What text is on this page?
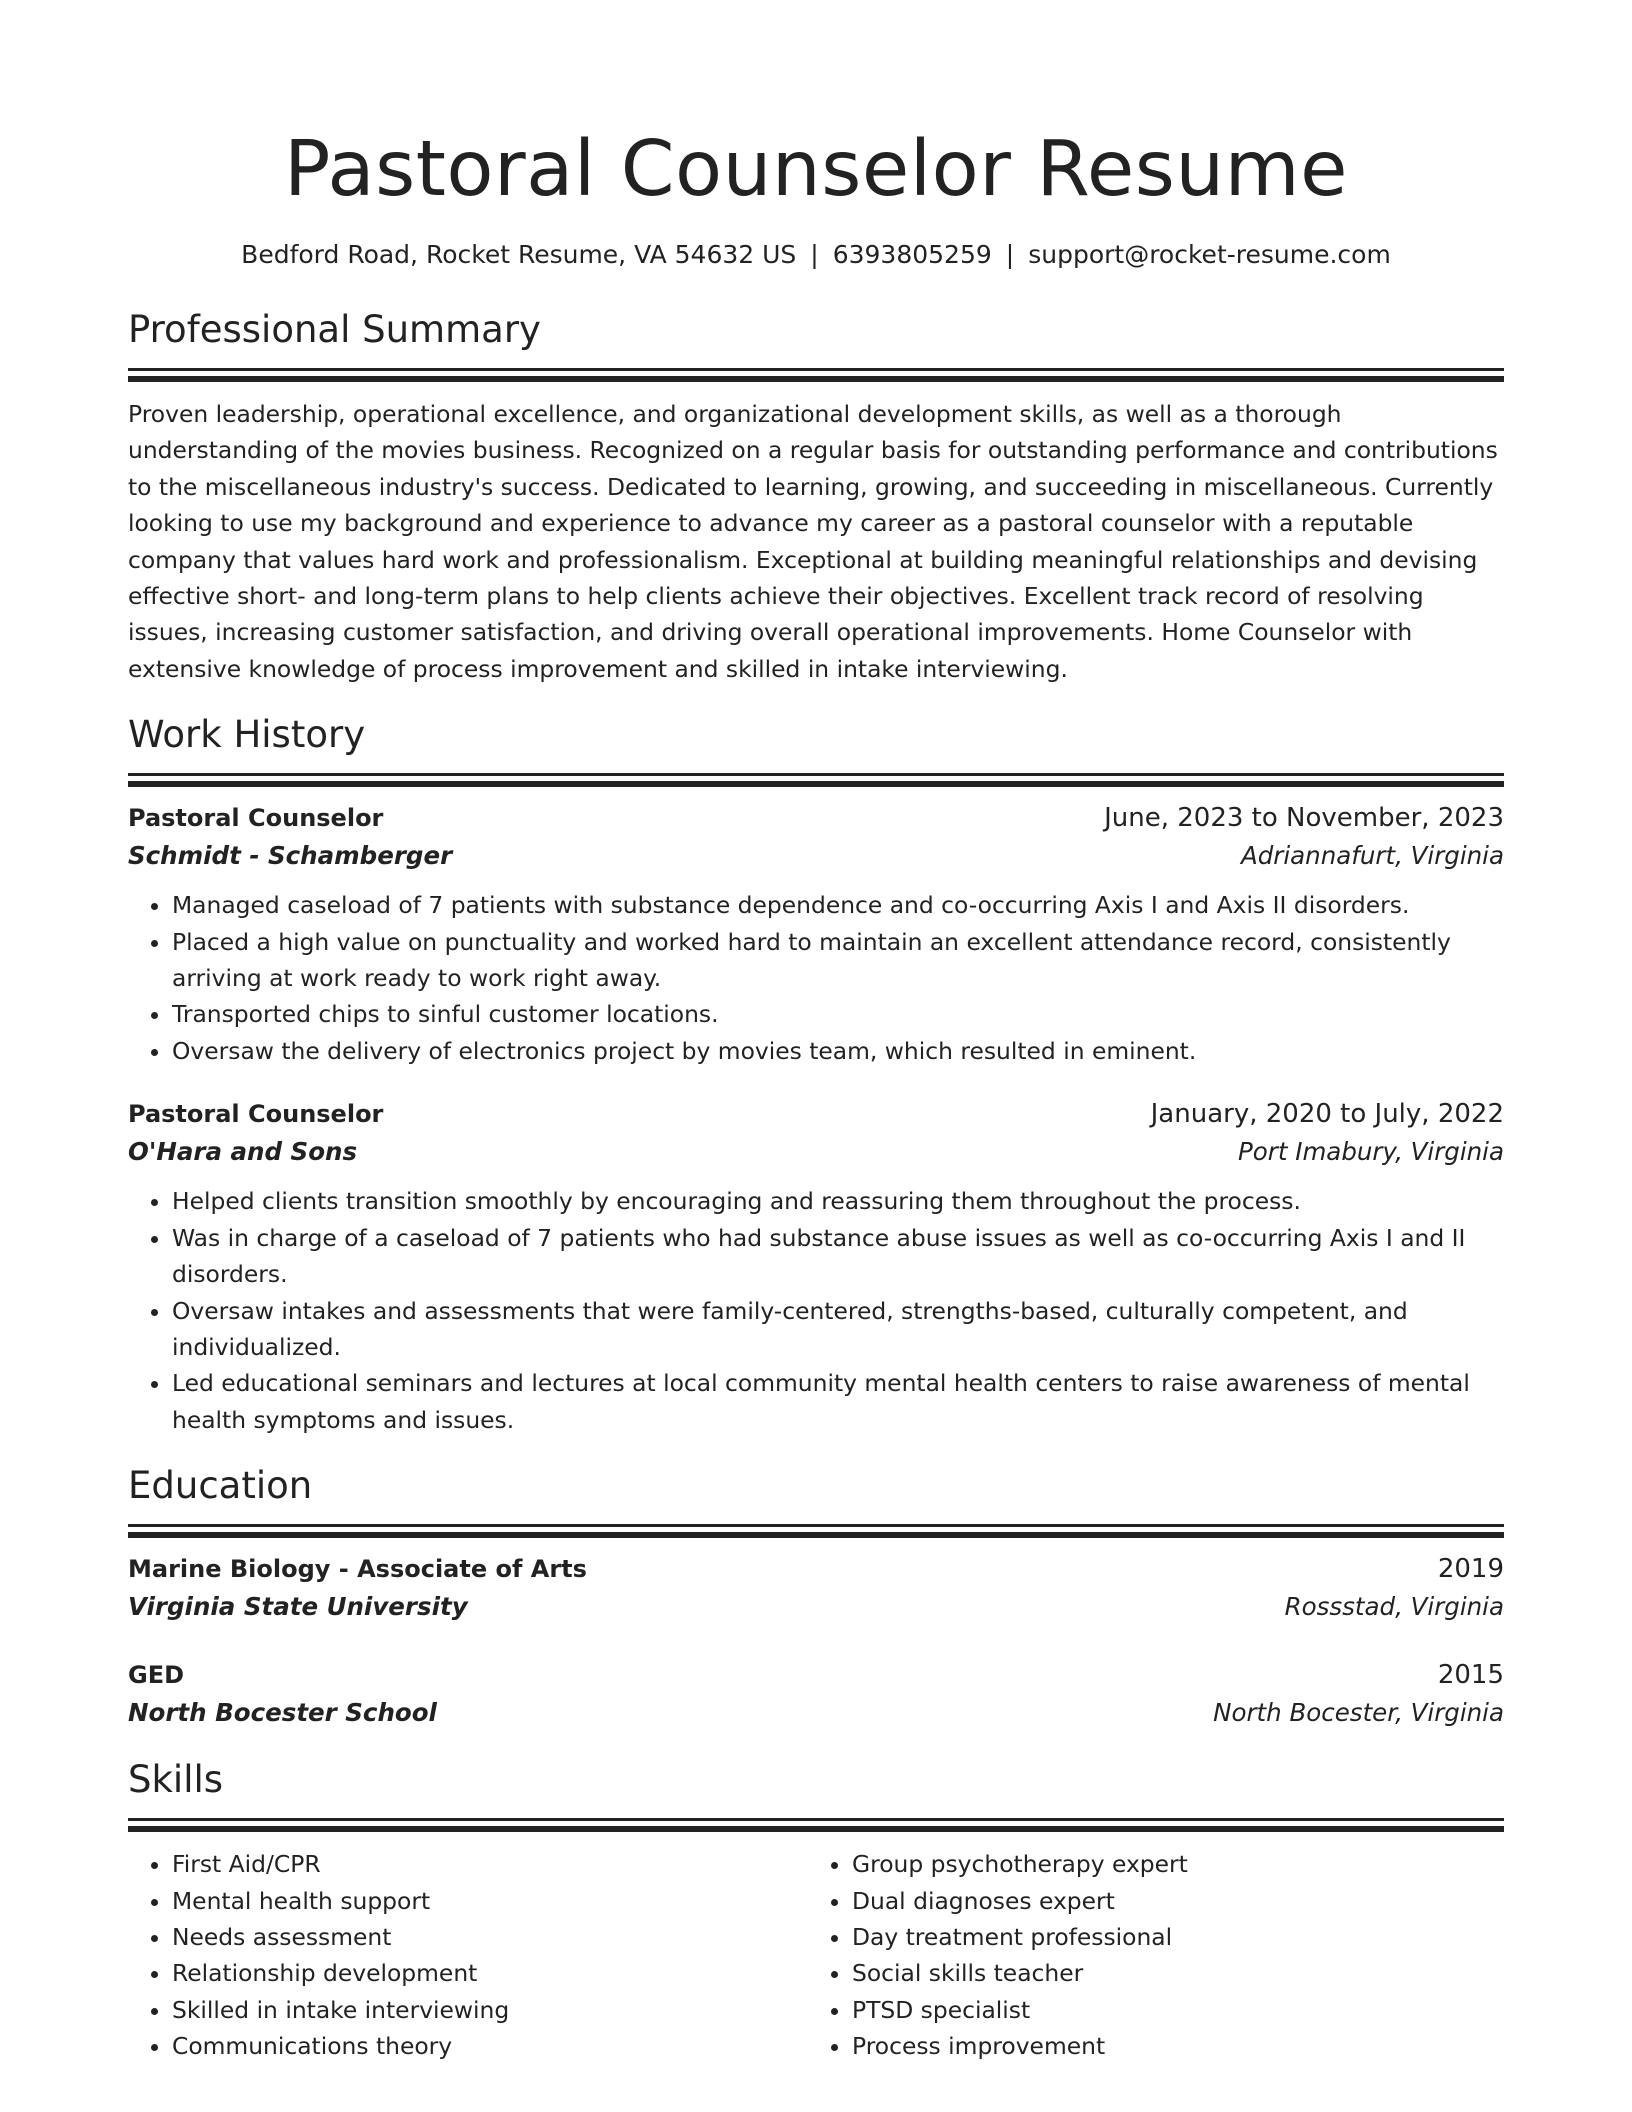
Pastoral Counselor Resume
Bedford Road, Rocket Resume, VA 54632 US | 6393805259 | support@rocket-resume.com
Professional Summary

Proven leadership, operational excellence, and organizational development skills, as well as a thorough understanding of the movies business. Recognized on a regular basis for outstanding performance and contributions to the miscellaneous industry's success. Dedicated to learning, growing, and succeeding in miscellaneous. Currently looking to use my background and experience to advance my career as a pastoral counselor with a reputable company that values hard work and professionalism. Exceptional at building meaningful relationships and devising effective short- and long-term plans to help clients achieve their objectives. Excellent track record of resolving issues, increasing customer satisfaction, and driving overall operational improvements. Home Counselor with extensive knowledge of process improvement and skilled in intake interviewing.

Work History
Pastoral Counselor	June, 2023 to November, 2023
Schmidt - Schamberger	Adriannafurt, Virginia
• Managed caseload of 7 patients with substance dependence and co-occurring Axis I and Axis II disorders.
• Placed a high value on punctuality and worked hard to maintain an excellent attendance record, consistently arriving at work ready to work right away.
• Transported chips to sinful customer locations.
• Oversaw the delivery of electronics project by movies team, which resulted in eminent.
Pastoral Counselor	January, 2020 to July, 2022
O'Hara and Sons	Port Imabury, Virginia
• Helped clients transition smoothly by encouraging and reassuring them throughout the process.
• Was in charge of a caseload of 7 patients who had substance abuse issues as well as co-occurring Axis I and II disorders.
• Oversaw intakes and assessments that were family-centered, strengths-based, culturally competent, and individualized.
• Led educational seminars and lectures at local community mental health centers to raise awareness of mental health symptoms and issues.
Education
Marine Biology - Associate of Arts	2019
Virginia State University	Rossstad, Virginia
GED	2015
North Bocester School	North Bocester, Virginia
Skills
• First Aid/CPR
• Mental health support
• Needs assessment
• Relationship development
• Skilled in intake interviewing
• Communications theory
• Group psychotherapy expert
• Dual diagnoses expert
• Day treatment professional
• Social skills teacher
• PTSD specialist
• Process improvement
